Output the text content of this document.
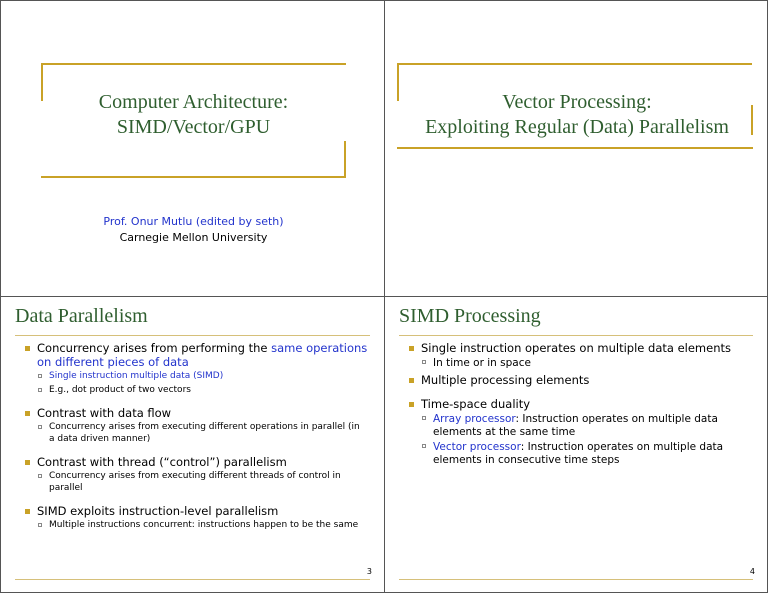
Computer Architecture:
SIMD/Vector/GPU
Prof. Onur Mutlu (edited by seth)
Carnegie Mellon University
Vector Processing:
Exploiting Regular (Data) Parallelism
Data Parallelism
Concurrency arises from performing the same operations on different pieces of data
Single instruction multiple data (SIMD)
E.g., dot product of two vectors
Contrast with data flow
Concurrency arises from executing different operations in parallel (in a data driven manner)
Contrast with thread (“control”) parallelism
Concurrency arises from executing different threads of control in parallel
SIMD exploits instruction-level parallelism
Multiple instructions concurrent: instructions happen to be the same
3
SIMD Processing
Single instruction operates on multiple data elements
In time or in space
Multiple processing elements
Time-space duality
Array processor: Instruction operates on multiple data elements at the same time
Vector processor: Instruction operates on multiple data elements in consecutive time steps
4
